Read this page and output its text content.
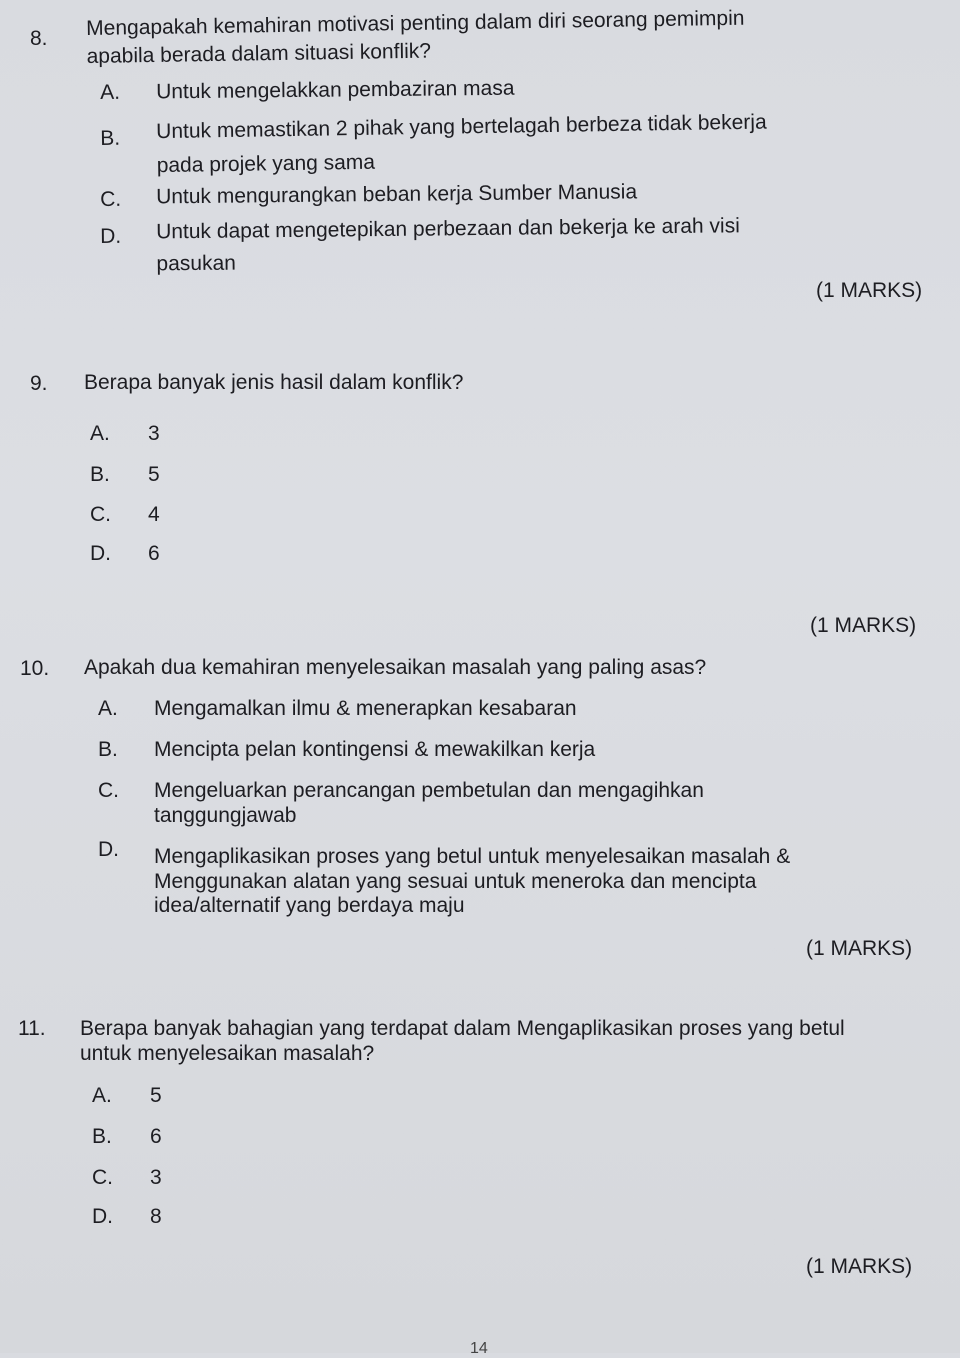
8. Mengapakah kemahiran motivasi penting dalam diri seorang pemimpin
apabila berada dalam situasi konflik?
A. Untuk mengelakkan pembaziran masa
B. Untuk memastikan 2 pihak yang bertelagah berbeza tidak bekerja
pada projek yang sama
C. Untuk mengurangkan beban kerja Sumber Manusia
D. Untuk dapat mengetepikan perbezaan dan bekerja ke arah visi
pasukan
(1 MARKS)
9. Berapa banyak jenis hasil dalam konflik?
A. 3
B. 5
C. 4
D. 6
(1 MARKS)
10. Apakah dua kemahiran menyelesaikan masalah yang paling asas?
A. Mengamalkan ilmu & menerapkan kesabaran
B. Mencipta pelan kontingensi & mewakilkan kerja
C. Mengeluarkan perancangan pembetulan dan mengagihkan
tanggungjawab
D. Mengaplikasikan proses yang betul untuk menyelesaikan masalah &
Menggunakan alatan yang sesuai untuk meneroka dan mencipta
idea/alternatif yang berdaya maju
(1 MARKS)
11. Berapa banyak bahagian yang terdapat dalam Mengaplikasikan proses yang betul
untuk menyelesaikan masalah?
A. 5
B. 6
C. 3
D. 8
(1 MARKS)
14
